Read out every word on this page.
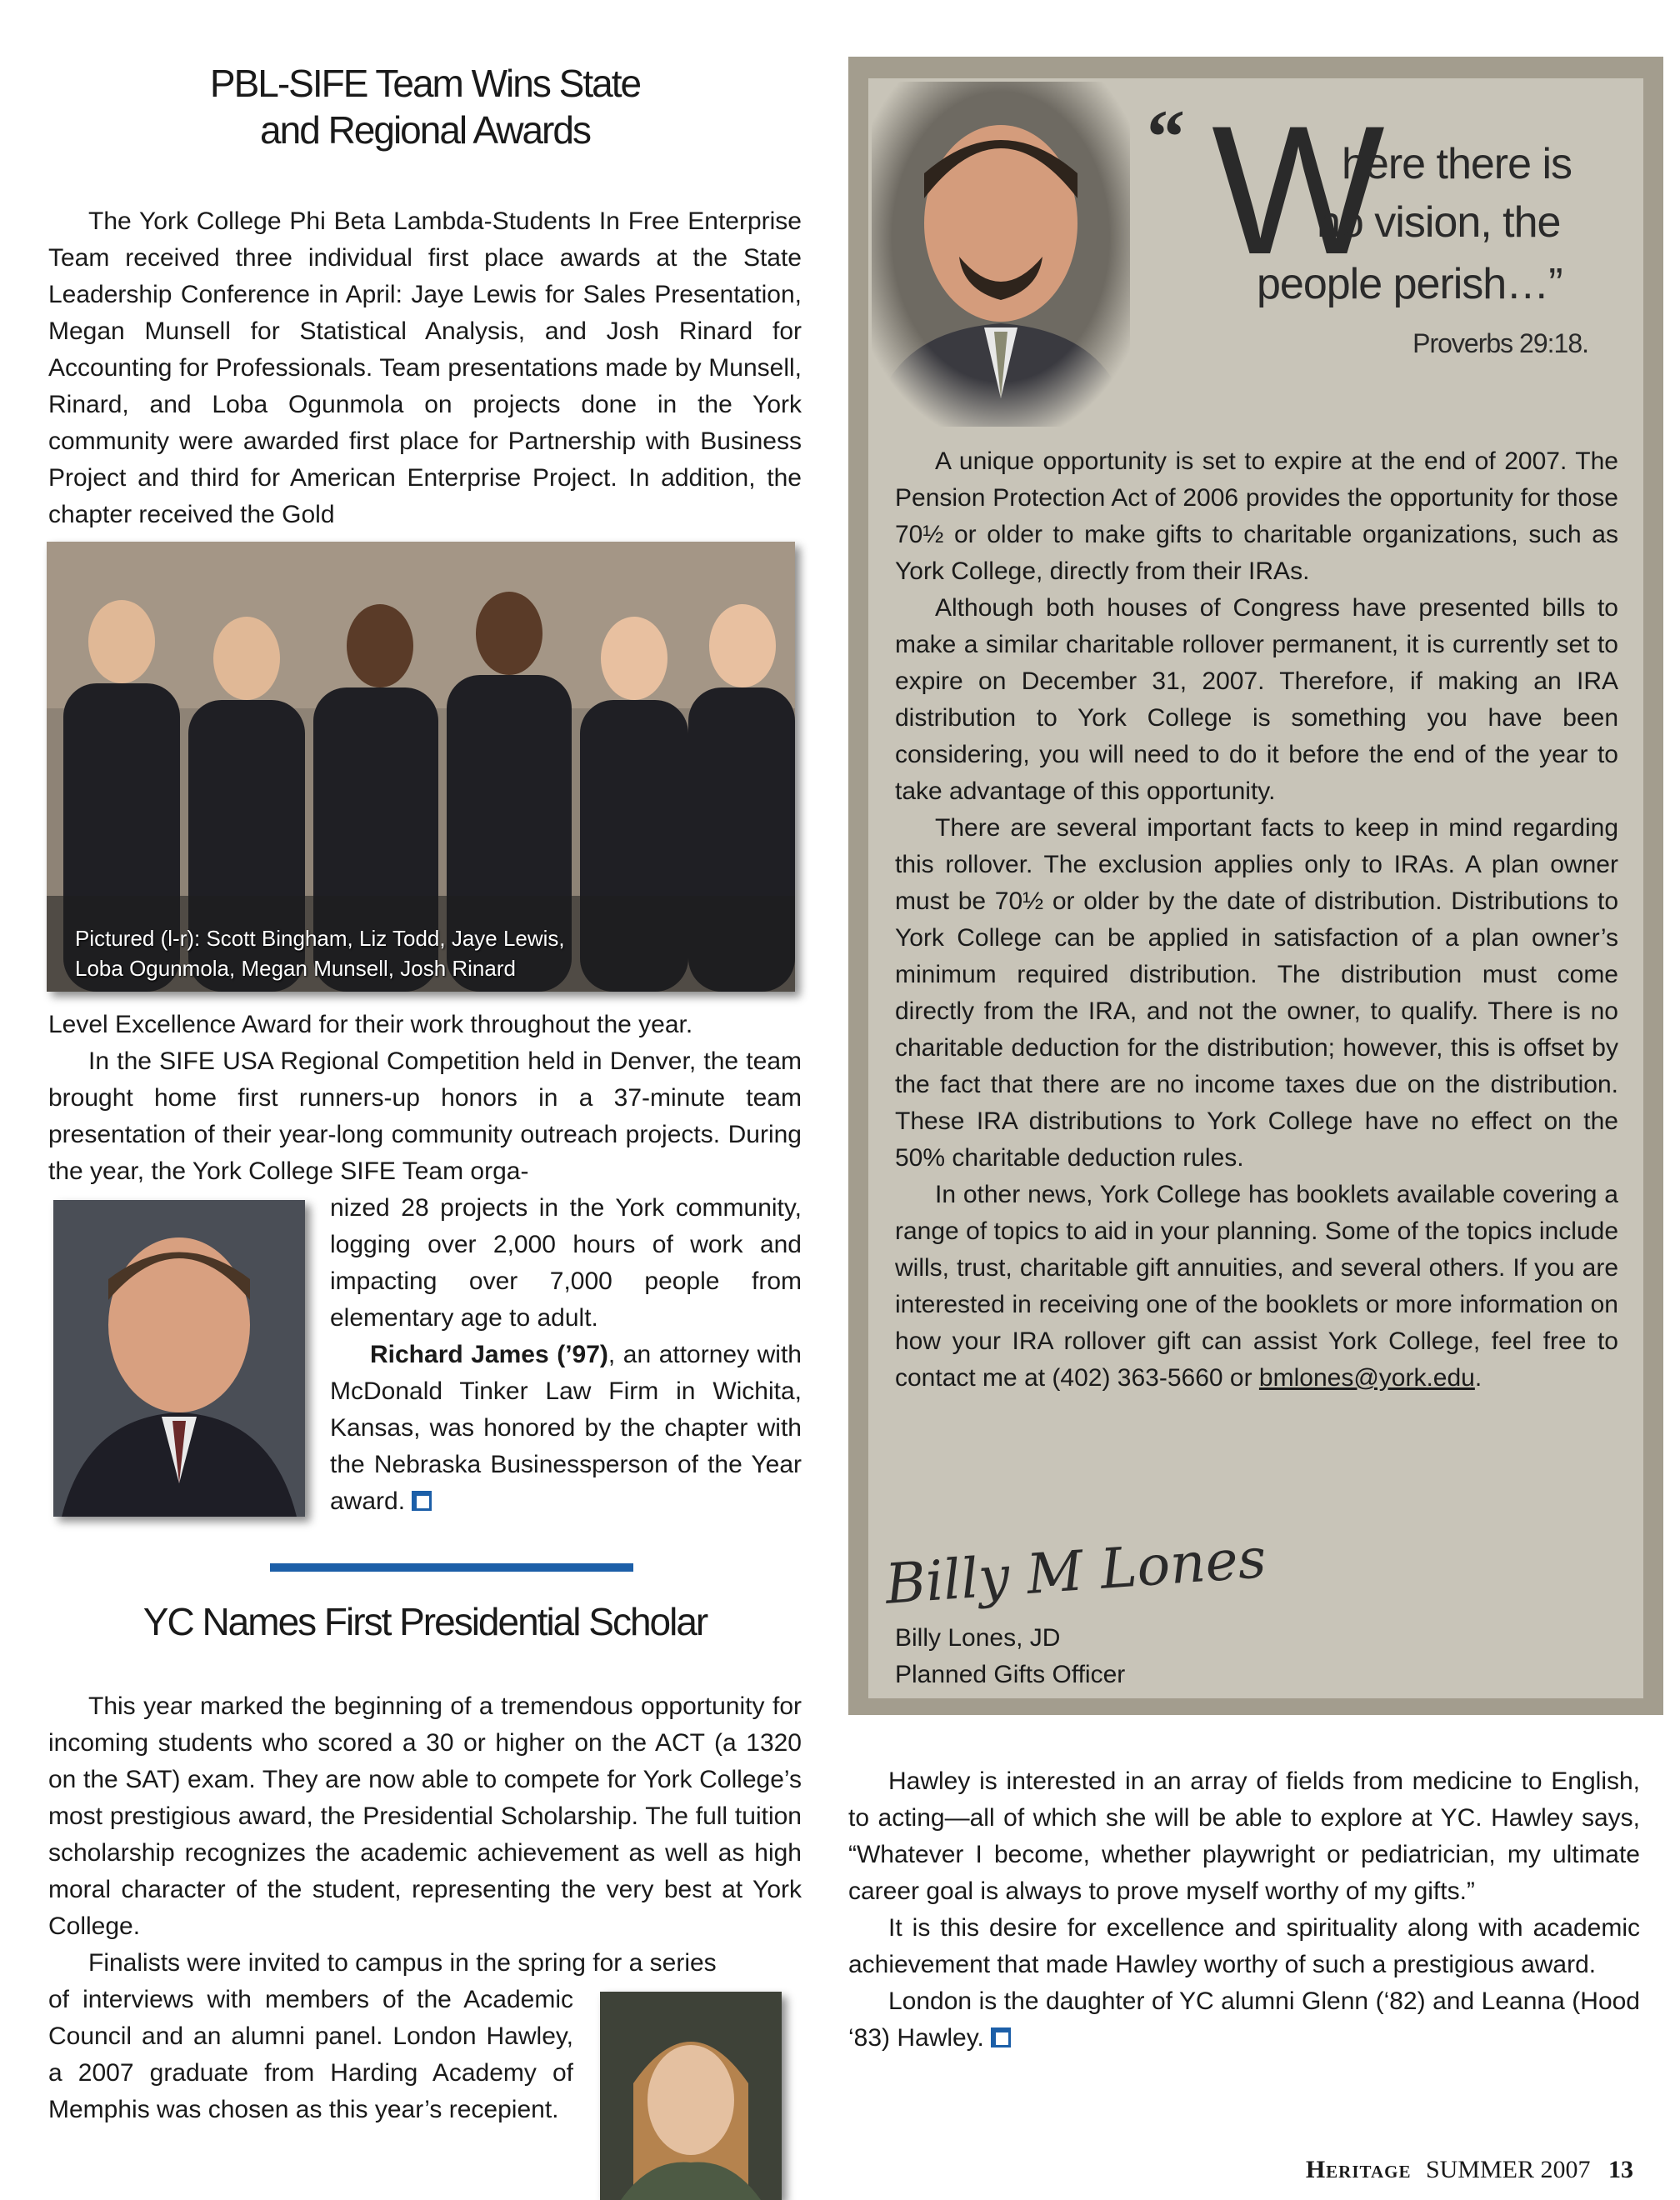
PBL-SIFE Team Wins State
and Regional Awards

The York College Phi Beta Lambda-Students In Free Enterprise Team received three individual first place awards at the State Leadership Conference in April: Jaye Lewis for Sales Presentation, Megan Munsell for Statistical Analysis, and Josh Rinard for Accounting for Professionals. Team presentations made by Munsell, Rinard, and Loba Ogunmola on projects done in the York community were awarded first place for Partnership with Business Project and third for American Enterprise Project. In addition, the chapter received the Gold

Pictured (l-r): Scott Bingham, Liz Todd, Jaye Lewis,
Loba Ogunmola, Megan Munsell, Josh Rinard

Level Excellence Award for their work throughout the year.

In the SIFE USA Regional Competition held in Denver, the team brought home first runners-up honors in a 37-minute team presentation of their year-long community outreach projects. During the year, the York College SIFE Team orga-

nized 28 projects in the York community, logging over 2,000 hours of work and impacting over 7,000 people from elementary age to adult.

Richard James (’97), an attorney with McDonald Tinker Law Firm in Wichita, Kansas, was honored by the chapter with the Nebraska Businessperson of the Year award.

YC Names First Presidential Scholar

This year marked the beginning of a tremendous opportunity for incoming students who scored a 30 or higher on the ACT (a 1320 on the SAT) exam. They are now able to compete for York College’s most prestigious award, the Presidential Scholarship. The full tuition scholarship recognizes the academic achievement as well as high moral character of the student, representing the very best at York College.

Finalists were invited to campus in the spring for a series

of interviews with members of the Academic Council and an alumni panel. London Hawley, a 2007 graduate from Harding Academy of Memphis was chosen as this year’s recepient.

“ W
here there is
no vision, the
people perish…”
Proverbs 29:18.

A unique opportunity is set to expire at the end of 2007. The Pension Protection Act of 2006 provides the opportunity for those 70½ or older to make gifts to charitable organizations, such as York College, directly from their IRAs.

Although both houses of Congress have presented bills to make a similar charitable rollover permanent, it is currently set to expire on December 31, 2007. Therefore, if making an IRA distribution to York College is something you have been considering, you will need to do it before the end of the year to take advantage of this opportunity.

There are several important facts to keep in mind regarding this rollover. The exclusion applies only to IRAs. A plan owner must be 70½ or older by the date of distribution. Distributions to York College can be applied in satisfaction of a plan owner’s minimum required distribution. The distribution must come directly from the IRA, and not the owner, to qualify. There is no charitable deduction for the distribution; however, this is offset by the fact that there are no income taxes due on the distribution. These IRA distributions to York College have no effect on the 50% charitable deduction rules.

In other news, York College has booklets available covering a range of topics to aid in your planning. Some of the topics include wills, trust, charitable gift annuities, and several others. If you are interested in receiving one of the booklets or more information on how your IRA rollover gift can assist York College, feel free to contact me at (402) 363-5660 or bmlones@york.edu.

Billy M Lones
Billy Lones, JD
Planned Gifts Officer

Hawley is interested in an array of fields from medicine to English, to acting—all of which she will be able to explore at YC. Hawley says, “Whatever I become, whether playwright or pediatrician, my ultimate career goal is always to prove myself worthy of my gifts.”

It is this desire for excellence and spirituality along with academic achievement that made Hawley worthy of such a prestigious award.

London is the daughter of YC alumni Glenn (‘82) and Leanna (Hood ‘83) Hawley.

Heritage SUMMER 2007 13
